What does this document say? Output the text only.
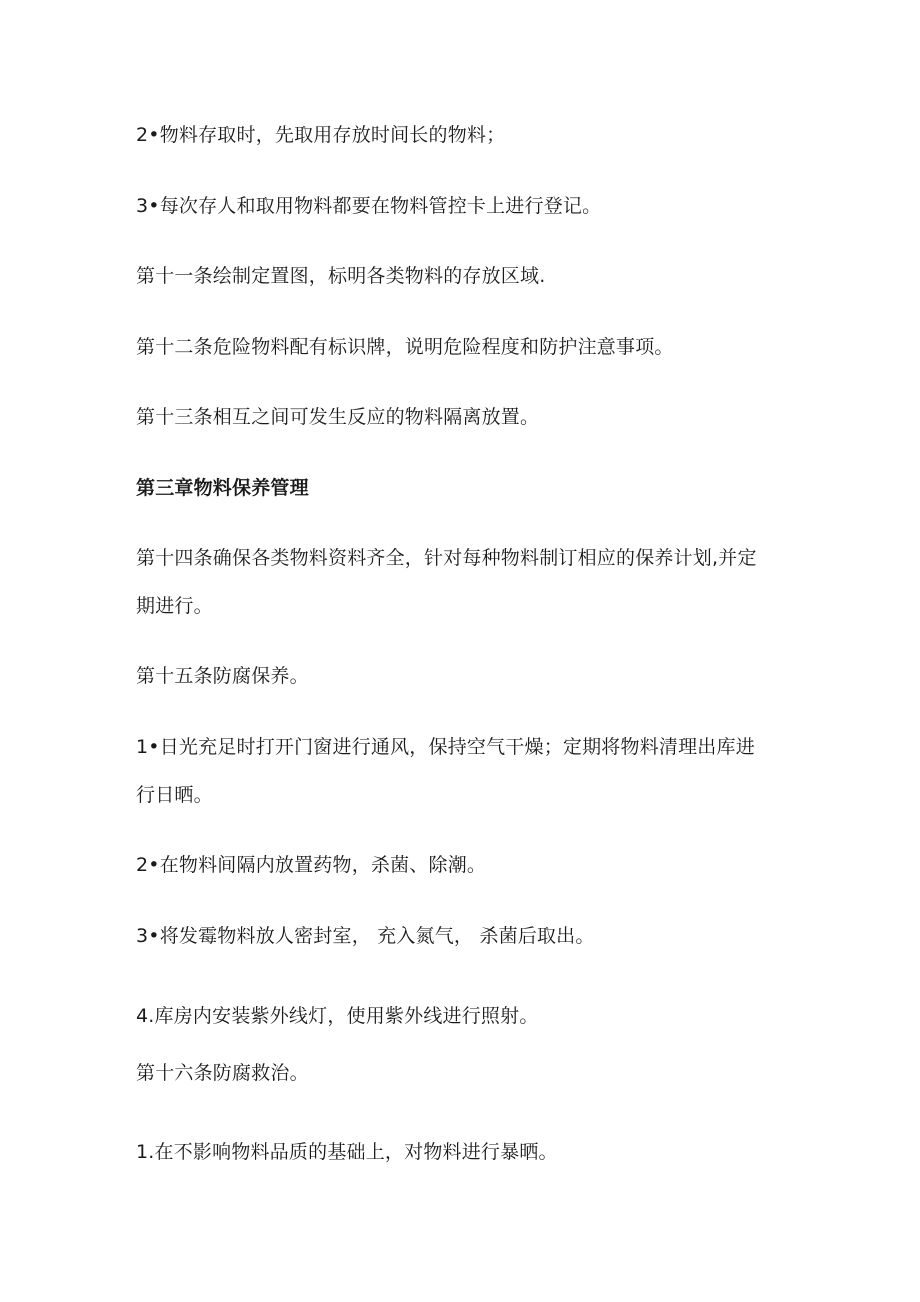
2•物料存取时，先取用存放时间长的物料；
3•每次存人和取用物料都要在物料管控卡上进行登记。
第十一条绘制定置图，标明各类物料的存放区域.
第十二条危险物料配有标识牌，说明危险程度和防护注意事项。
第十三条相互之间可发生反应的物料隔离放置。
第三章物料保养管理
第十四条确保各类物料资料齐全，针对每种物料制订相应的保养计划,并定
期进行。
第十五条防腐保养。
1•日光充足时打开门窗进行通风，保持空气干燥；定期将物料清理出库进
行日晒。
2•在物料间隔内放置药物，杀菌、除潮。
3•将发霉物料放人密封室， 充入氮气， 杀菌后取出。
4.库房内安装紫外线灯，使用紫外线进行照射。
第十六条防腐救治。
1.在不影响物料品质的基础上，对物料进行暴晒。
